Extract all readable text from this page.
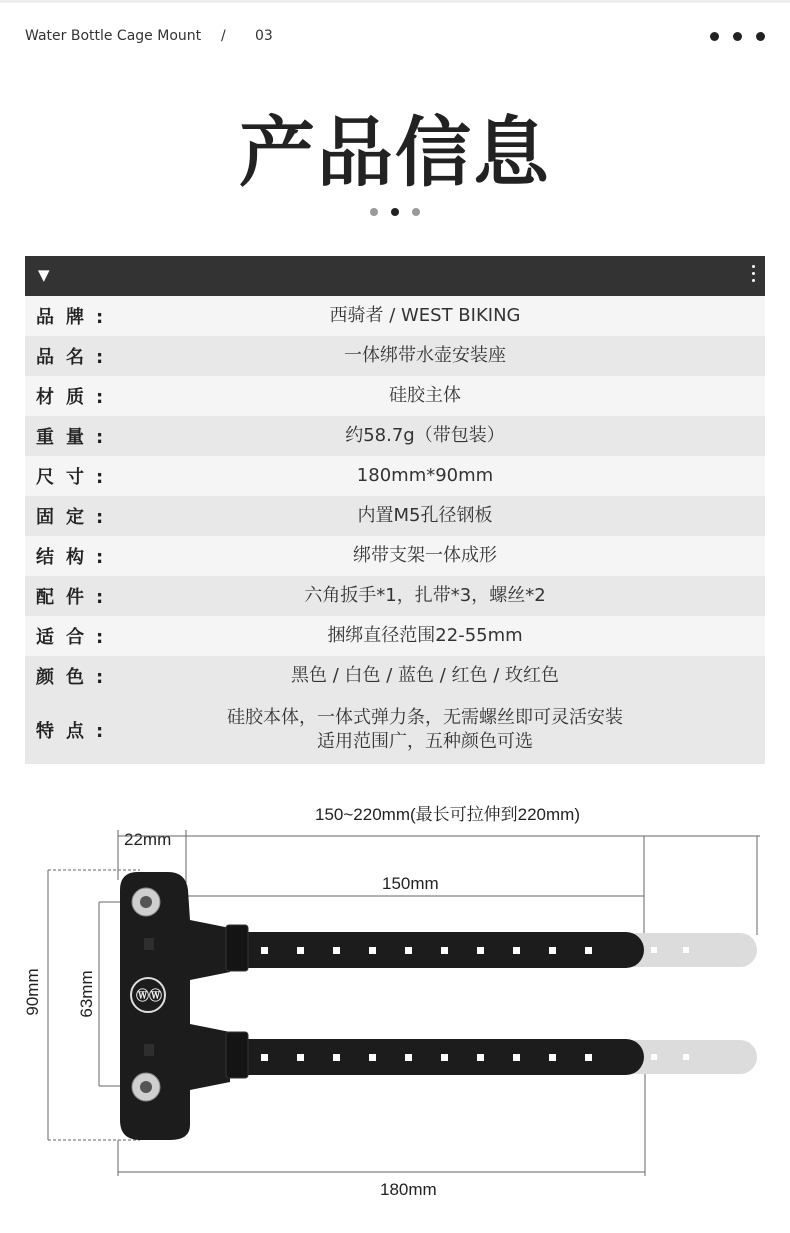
Water Bottle Cage Mount / 03
产品信息
▼
品牌:	西骑者 / WEST BIKING
品名:	一体绑带水壶安装座
材质:	硅胶主体
重量:	约58.7g（带包装）
尺寸:	180mm*90mm
固定:	内置M5孔径钢板
结构:	绑带支架一体成形
配件:	六角扳手*1，扎带*3，螺丝*2
适合:	捆绑直径范围22-55mm
颜色:	黑色 / 白色 / 蓝色 / 红色 / 玫红色
特点:
硅胶本体，一体式弹力条，无需螺丝即可灵活安装
适用范围广，五种颜色可选
150~220mm(最长可拉伸到220mm)
22mm
150mm
180mm
90mm 63mm	ⓌⓌ
